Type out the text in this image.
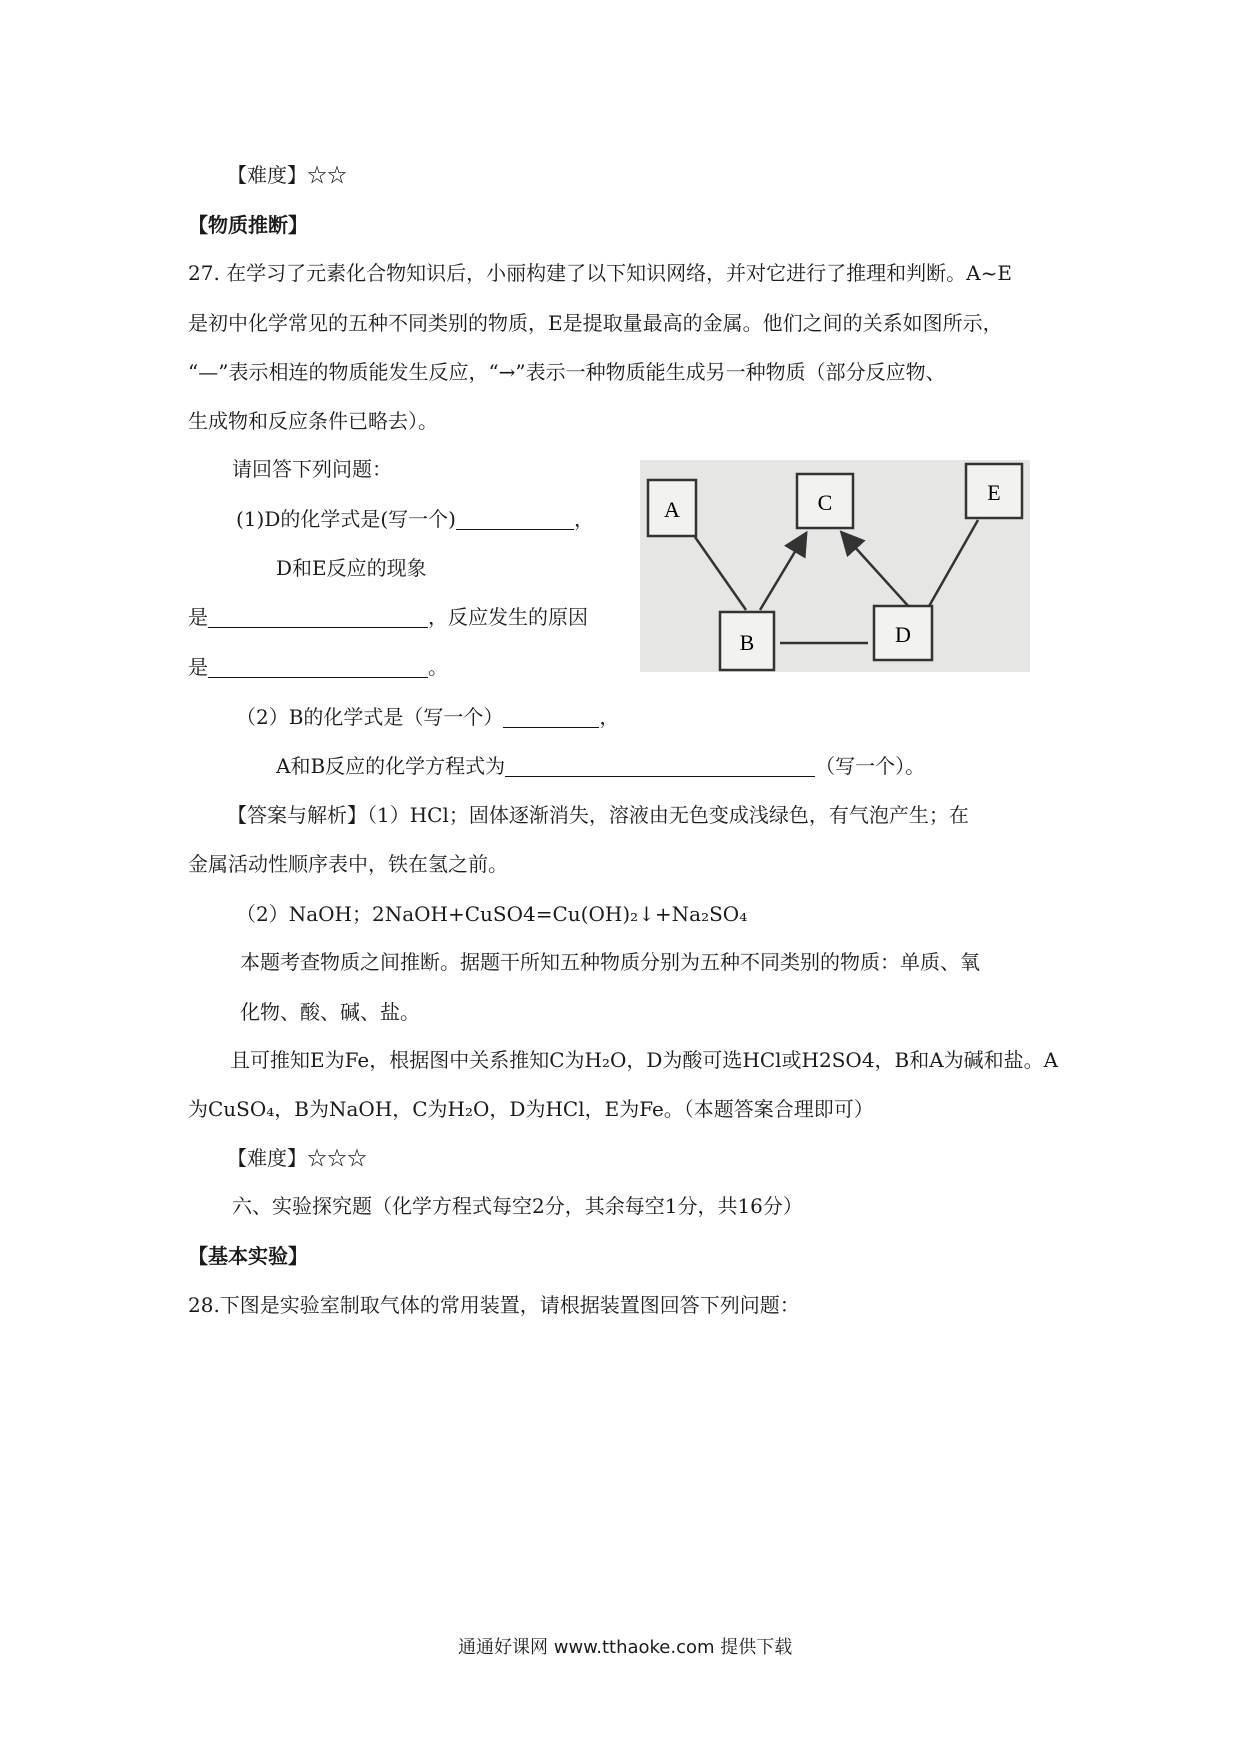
【难度】☆☆
【物质推断】
27. 在学习了元素化合物知识后，小丽构建了以下知识网络，并对它进行了推理和判断。A~E
是初中化学常见的五种不同类别的物质，E是提取量最高的金属。他们之间的关系如图所示，
“—”表示相连的物质能发生反应，“→”表示一种物质能生成另一种物质（部分反应物、
生成物和反应条件已略去）。
请回答下列问题：
(1)D的化学式是(写一个)	，
D和E反应的现象
是	，反应发生的原因
是	。
（2）B的化学式是（写一个）	，
A和B反应的化学方程式为	（写一个）。
A	C	E
B	D
【答案与解析】（1）HCl；固体逐渐消失，溶液由无色变成浅绿色，有气泡产生；在
金属活动性顺序表中，铁在氢之前。
（2）NaOH；2NaOH+CuSO4=Cu(OH)₂↓+Na₂SO₄
本题考查物质之间推断。据题干所知五种物质分别为五种不同类别的物质：单质、氧
化物、酸、碱、盐。
且可推知E为Fe，根据图中关系推知C为H₂O，D为酸可选HCl或H2SO4，B和A为碱和盐。A
为CuSO₄，B为NaOH，C为H₂O，D为HCl，E为Fe。（本题答案合理即可）
【难度】☆☆☆
六、实验探究题（化学方程式每空2分，其余每空1分，共16分）
【基本实验】
28.下图是实验室制取气体的常用装置，请根据装置图回答下列问题：
通通好课网 www.tthaoke.com 提供下载
